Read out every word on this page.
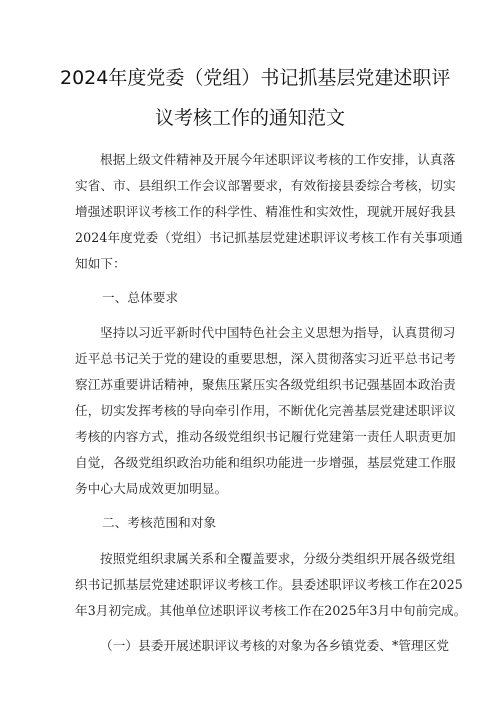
2024年度党委（党组）书记抓基层党建述职评
议考核工作的通知范文
根据上级文件精神及开展今年述职评议考核的工作安排，认真落
实省、市、县组织工作会议部署要求，有效衔接县委综合考核，切实
增强述职评议考核工作的科学性、精准性和实效性，现就开展好我县
2024年度党委（党组）书记抓基层党建述职评议考核工作有关事项通
知如下：
一、总体要求
坚持以习近平新时代中国特色社会主义思想为指导，认真贯彻习
近平总书记关于党的建设的重要思想，深入贯彻落实习近平总书记考
察江苏重要讲话精神，聚焦压紧压实各级党组织书记强基固本政治责
任，切实发挥考核的导向牵引作用，不断优化完善基层党建述职评议
考核的内容方式，推动各级党组织书记履行党建第一责任人职责更加
自觉，各级党组织政治功能和组织功能进一步增强，基层党建工作服
务中心大局成效更加明显。
二、考核范围和对象
按照党组织隶属关系和全覆盖要求，分级分类组织开展各级党组
织书记抓基层党建述职评议考核工作。县委述职评议考核工作在2025
年3月初完成。其他单位述职评议考核工作在2025年3月中旬前完成。
（一）县委开展述职评议考核的对象为各乡镇党委、*管理区党
